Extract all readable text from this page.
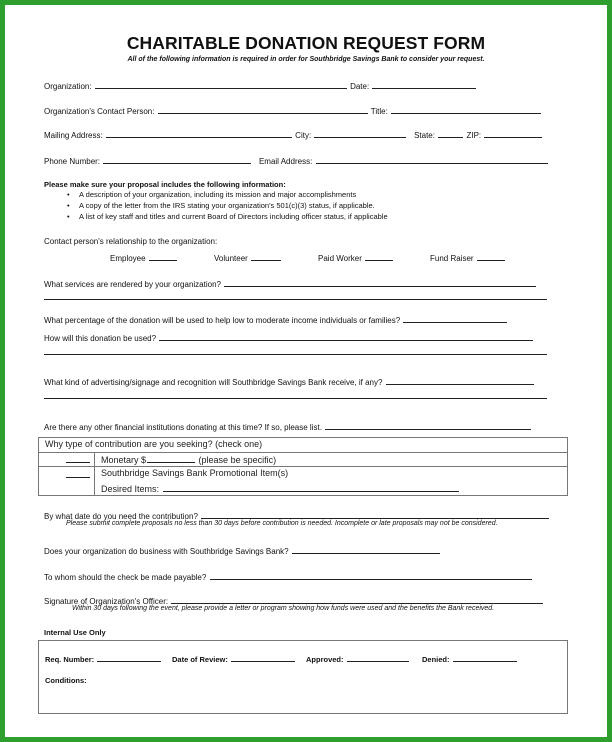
CHARITABLE DONATION REQUEST FORM
All of the following information is required in order for Southbridge Savings Bank to consider your request.
Organization:	Date:
Organization's Contact Person:	Title:
Mailing Address:	City:	State:	ZIP:
Phone Number:	Email Address:
Please make sure your proposal includes the following information:
• A description of your organization, including its mission and major accomplishments
• A copy of the letter from the IRS stating your organization's 501(c)(3) status, if applicable.
• A list of key staff and titles and current Board of Directors including officer status, if applicable
Contact person's relationship to the organization:
Employee	Volunteer	Paid Worker	Fund Raiser
What services are rendered by your organization?
What percentage of the donation will be used to help low to moderate income individuals or families?
How will this donation be used?
What kind of advertising/signage and recognition will Southbridge Savings Bank receive, if any?
Are there any other financial institutions donating at this time? If so, please list.
Why type of contribution are you seeking? (check one)
Monetary $	(please be specific)
Southbridge Savings Bank Promotional Item(s)
Desired Items:
By what date do you need the contribution?
Please submit complete proposals no less than 30 days before contribution is needed. Incomplete or late proposals may not be considered.
Does your organization do business with Southbridge Savings Bank?
To whom should the check be made payable?
Signature of Organization's Officer:
Within 30 days following the event, please provide a letter or program showing how funds were used and the benefits the Bank received.
Internal Use Only
Req. Number:	Date of Review:	Approved:	Denied:
Conditions:
